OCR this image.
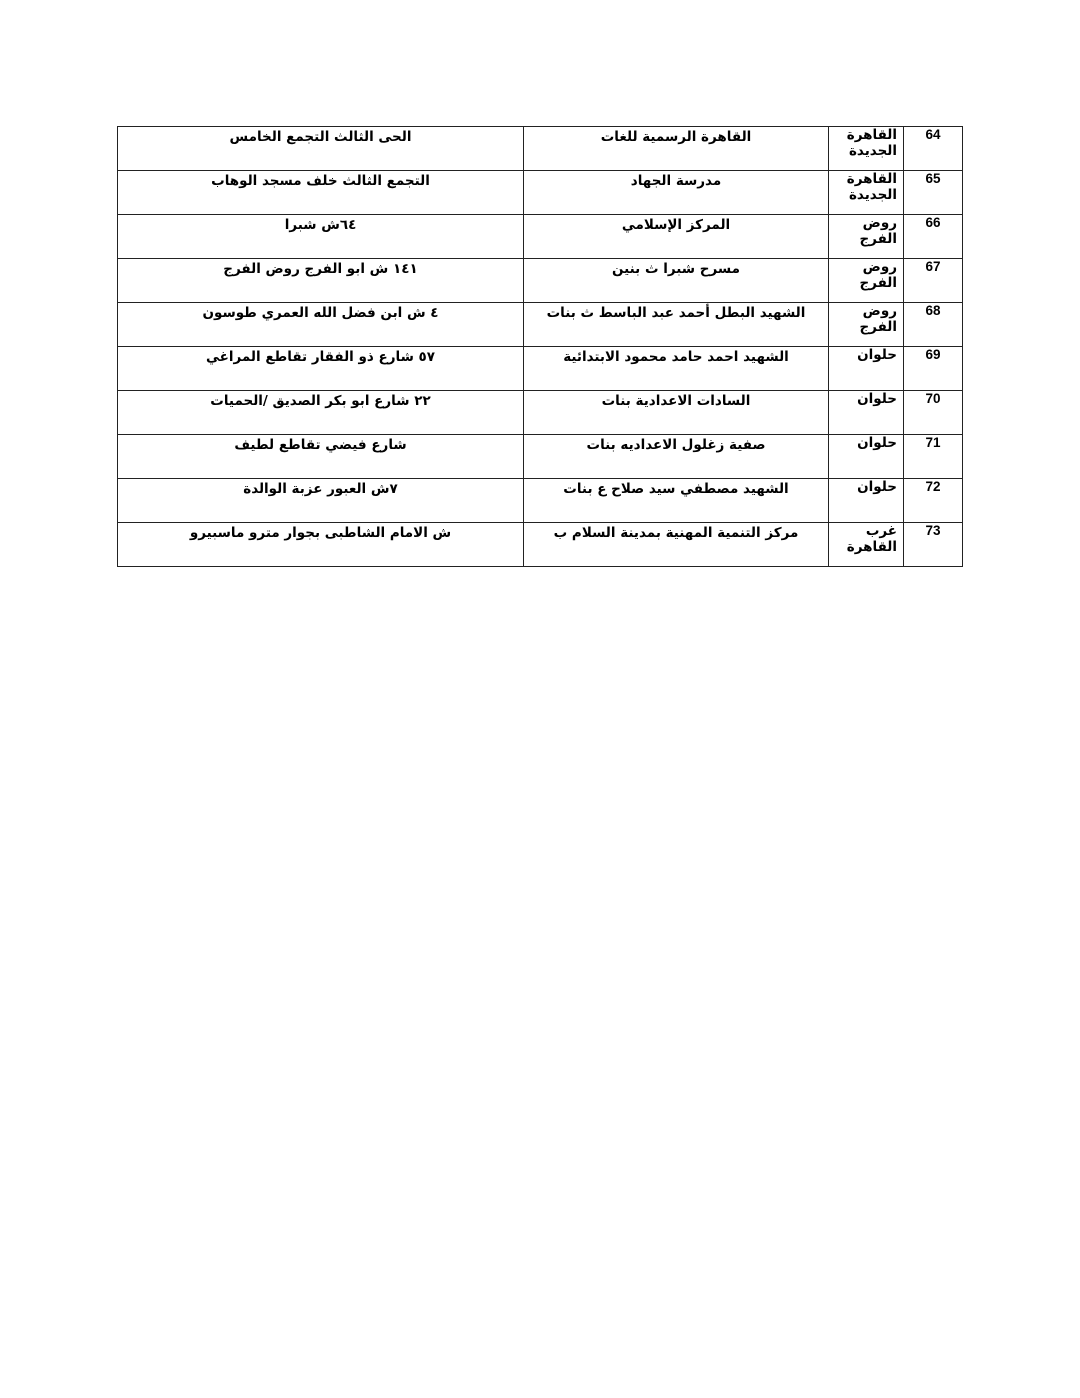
64	القاهرة الجديدة	القاهرة الرسمية للغات	الحى الثالث التجمع الخامس
65	القاهرة الجديدة	مدرسة الجهاد	التجمع الثالث خلف مسجد الوهاب
66	روض الفرج	المركز الإسلامي	٦٤ش شبرا
67	روض الفرج	مسرح شبرا ث بنين	١٤١ ش ابو الفرج روض الفرج
68	روض الفرج	الشهيد البطل أحمد عبد الباسط ث بنات	٤ ش ابن فضل الله العمري طوسون
69	حلوان	الشهيد احمد حامد محمود الابتدائية	٥٧ شارع ذو الفقار تقاطع المراغي
70	حلوان	السادات الاعدادية بنات	٢٢ شارع ابو بكر الصديق /الحميات
71	حلوان	صفية زغلول الاعداديه بنات	شارع فيضي تقاطع لطيف
72	حلوان	الشهيد مصطفي سيد صلاح ع بنات	٧ش العبور عزبة الوالدة
73	غرب القاهرة	مركز التنمية المهنية بمدينة السلام ب	ش الامام الشاطبى بجوار مترو ماسبيرو
